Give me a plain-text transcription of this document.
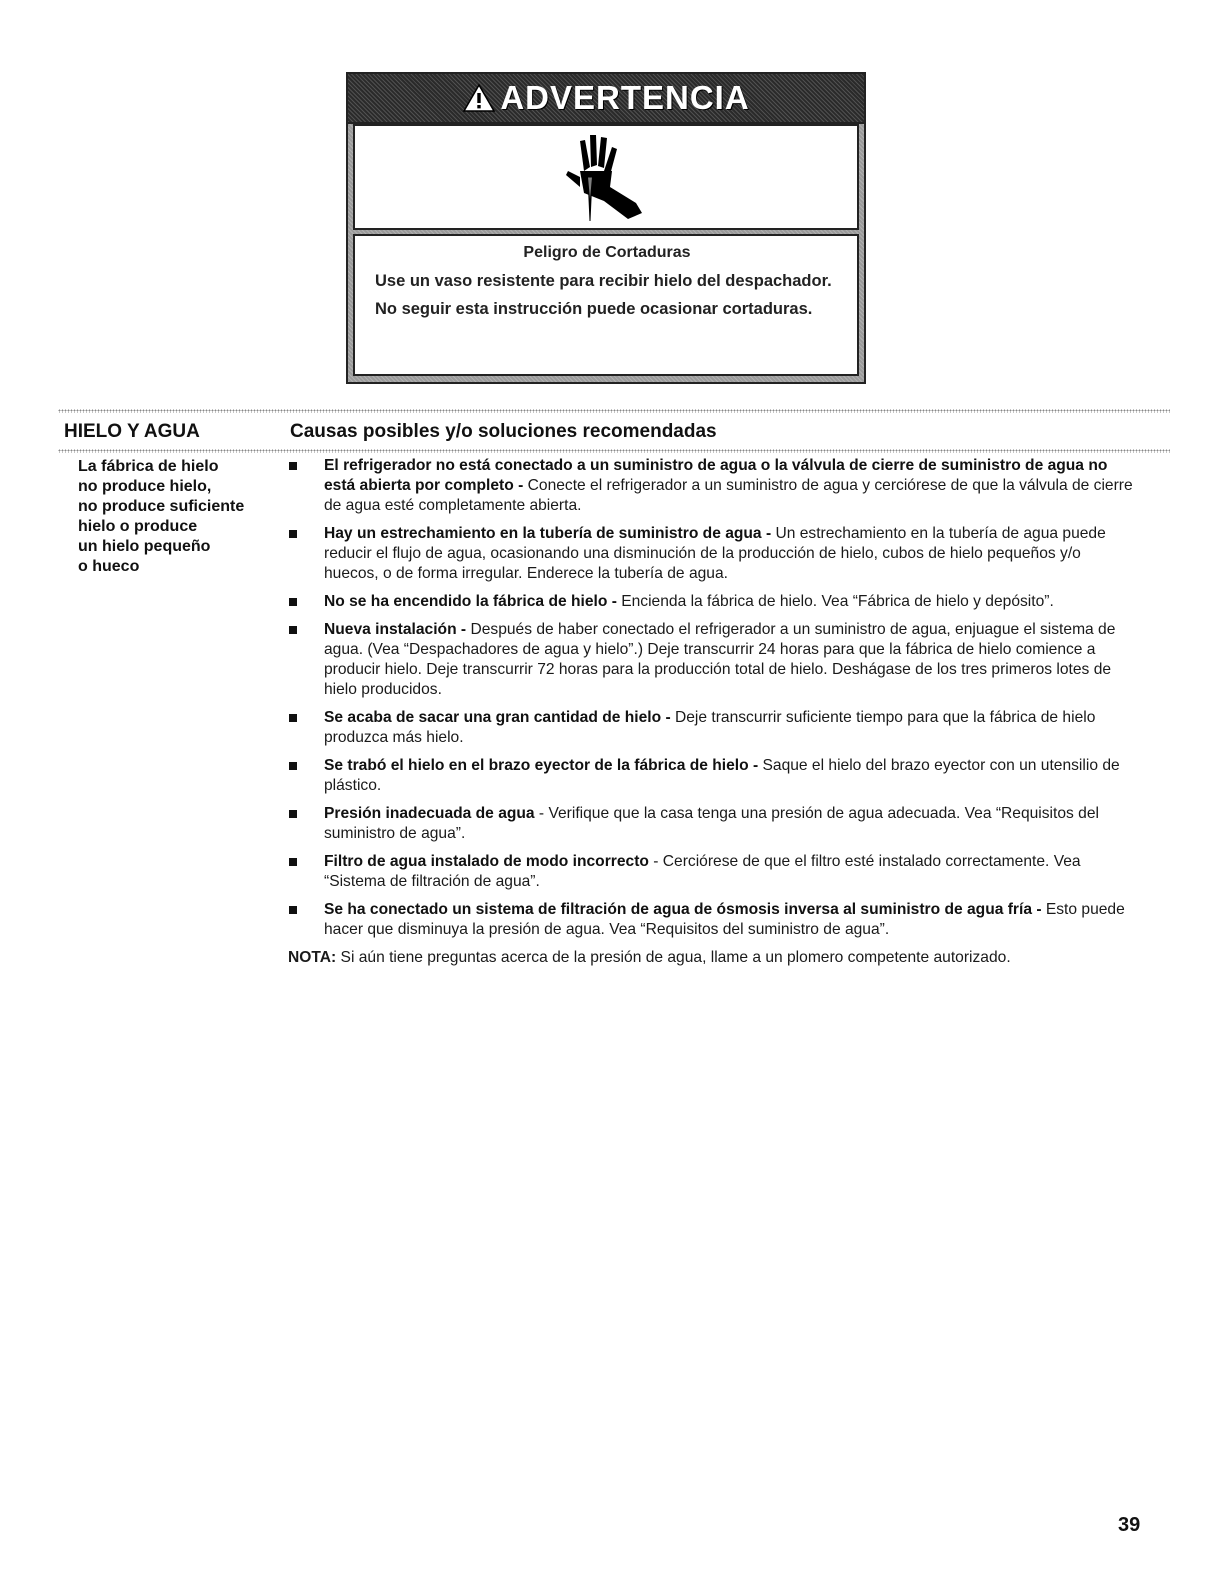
ADVERTENCIA

Peligro de Cortaduras

Use un vaso resistente para recibir hielo del despachador.

No seguir esta instrucción puede ocasionar cortaduras.

HIELO Y AGUA	Causas posibles y/o soluciones recomendadas
La fábrica de hielo
no produce hielo,
no produce suficiente
hielo o produce
un hielo pequeño
o hueco
El refrigerador no está conectado a un suministro de agua o la válvula de cierre de suministro de agua no está abierta por completo - Conecte el refrigerador a un suministro de agua y cerciórese de que la válvula de cierre de agua esté completamente abierta.
Hay un estrechamiento en la tubería de suministro de agua - Un estrechamiento en la tubería de agua puede reducir el flujo de agua, ocasionando una disminución de la producción de hielo, cubos de hielo pequeños y/o huecos, o de forma irregular. Enderece la tubería de agua.
No se ha encendido la fábrica de hielo - Encienda la fábrica de hielo. Vea “Fábrica de hielo y depósito”.
Nueva instalación - Después de haber conectado el refrigerador a un suministro de agua, enjuague el sistema de agua. (Vea “Despachadores de agua y hielo”.) Deje transcurrir 24 horas para que la fábrica de hielo comience a producir hielo. Deje transcurrir 72 horas para la producción total de hielo. Deshágase de los tres primeros lotes de hielo producidos.
Se acaba de sacar una gran cantidad de hielo - Deje transcurrir suficiente tiempo para que la fábrica de hielo produzca más hielo.
Se trabó el hielo en el brazo eyector de la fábrica de hielo - Saque el hielo del brazo eyector con un utensilio de plástico.
Presión inadecuada de agua - Verifique que la casa tenga una presión de agua adecuada. Vea “Requisitos del suministro de agua”.
Filtro de agua instalado de modo incorrecto - Cerciórese de que el filtro esté instalado correctamente. Vea “Sistema de filtración de agua”.
Se ha conectado un sistema de filtración de agua de ósmosis inversa al suministro de agua fría - Esto puede hacer que disminuya la presión de agua. Vea “Requisitos del suministro de agua”.
NOTA: Si aún tiene preguntas acerca de la presión de agua, llame a un plomero competente autorizado.
39
